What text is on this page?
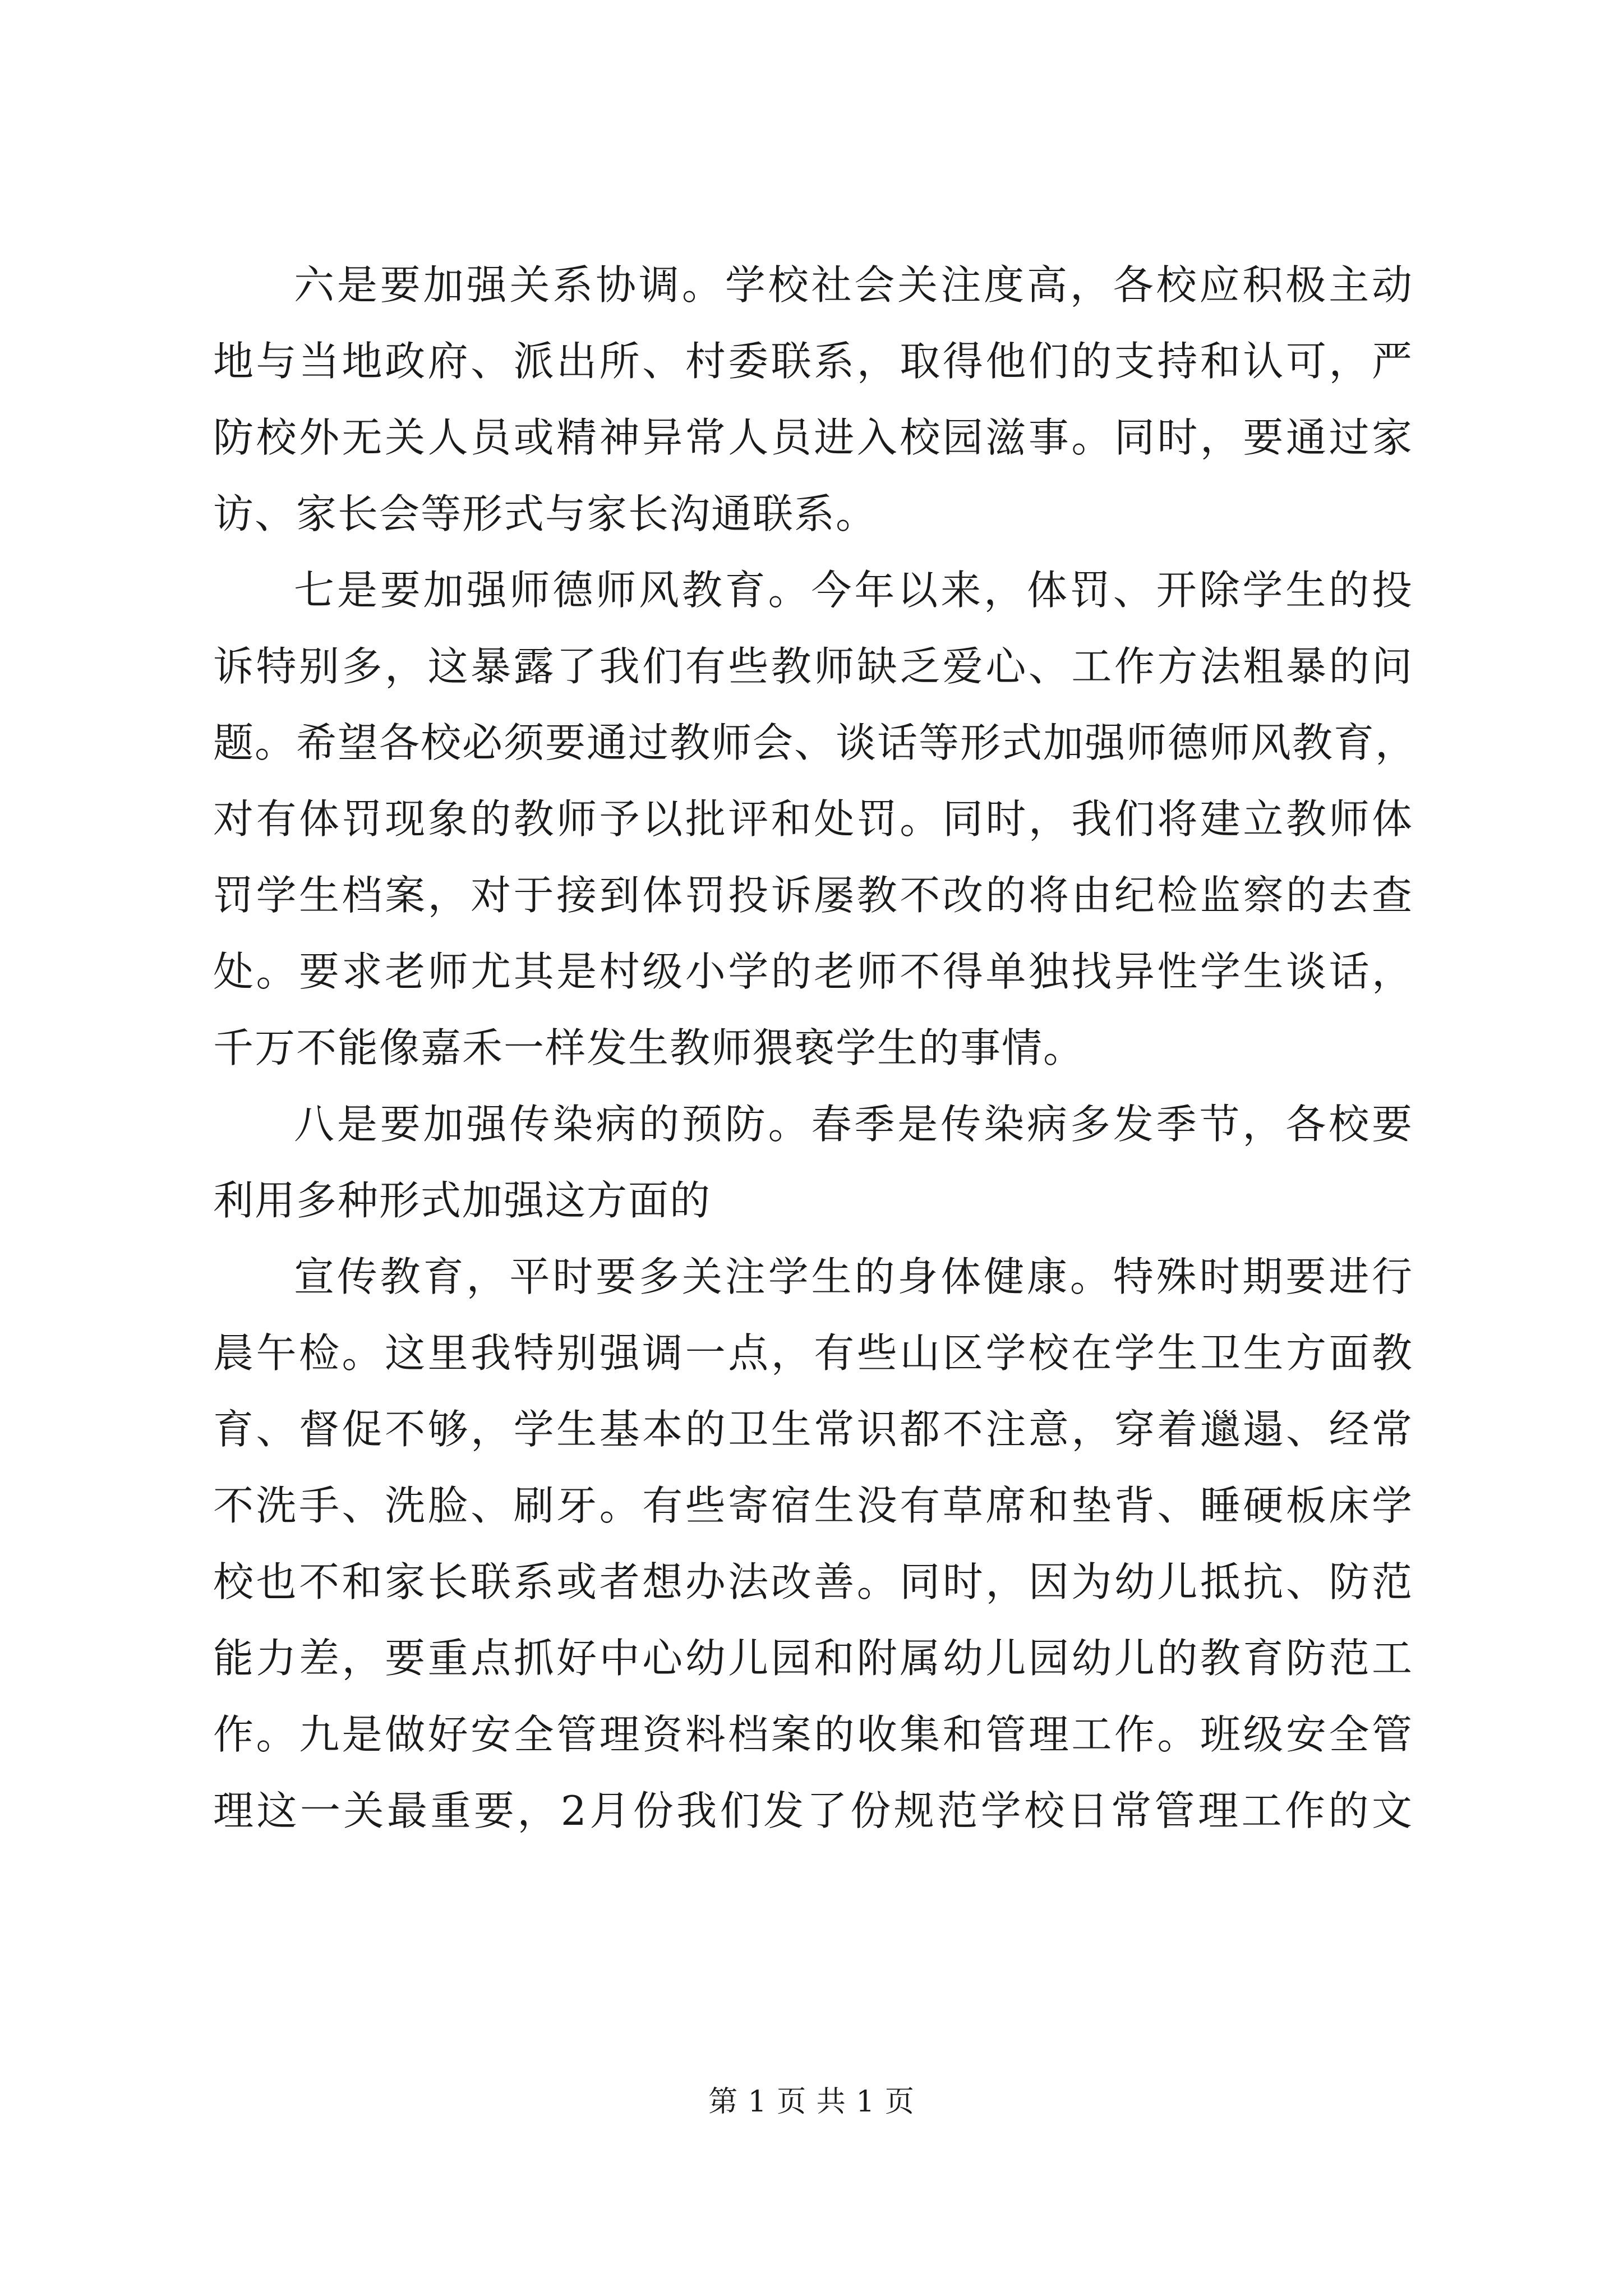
六是要加强关系协调。学校社会关注度高，各校应积极主动
地与当地政府、派出所、村委联系，取得他们的支持和认可，严
防校外无关人员或精神异常人员进入校园滋事。同时，要通过家
访、家长会等形式与家长沟通联系。
七是要加强师德师风教育。今年以来，体罚、开除学生的投
诉特别多，这暴露了我们有些教师缺乏爱心、工作方法粗暴的问
题。希望各校必须要通过教师会、谈话等形式加强师德师风教育，
对有体罚现象的教师予以批评和处罚。同时，我们将建立教师体
罚学生档案，对于接到体罚投诉屡教不改的将由纪检监察的去查
处。要求老师尤其是村级小学的老师不得单独找异性学生谈话，
千万不能像嘉禾一样发生教师猥亵学生的事情。
八是要加强传染病的预防。春季是传染病多发季节，各校要
利用多种形式加强这方面的
宣传教育，平时要多关注学生的身体健康。特殊时期要进行
晨午检。这里我特别强调一点，有些山区学校在学生卫生方面教
育、督促不够，学生基本的卫生常识都不注意，穿着邋遢、经常
不洗手、洗脸、刷牙。有些寄宿生没有草席和垫背、睡硬板床学
校也不和家长联系或者想办法改善。同时，因为幼儿抵抗、防范
能力差，要重点抓好中心幼儿园和附属幼儿园幼儿的教育防范工
作。九是做好安全管理资料档案的收集和管理工作。班级安全管
理这一关最重要，2月份我们发了份规范学校日常管理工作的文
第 1 页 共 1 页
